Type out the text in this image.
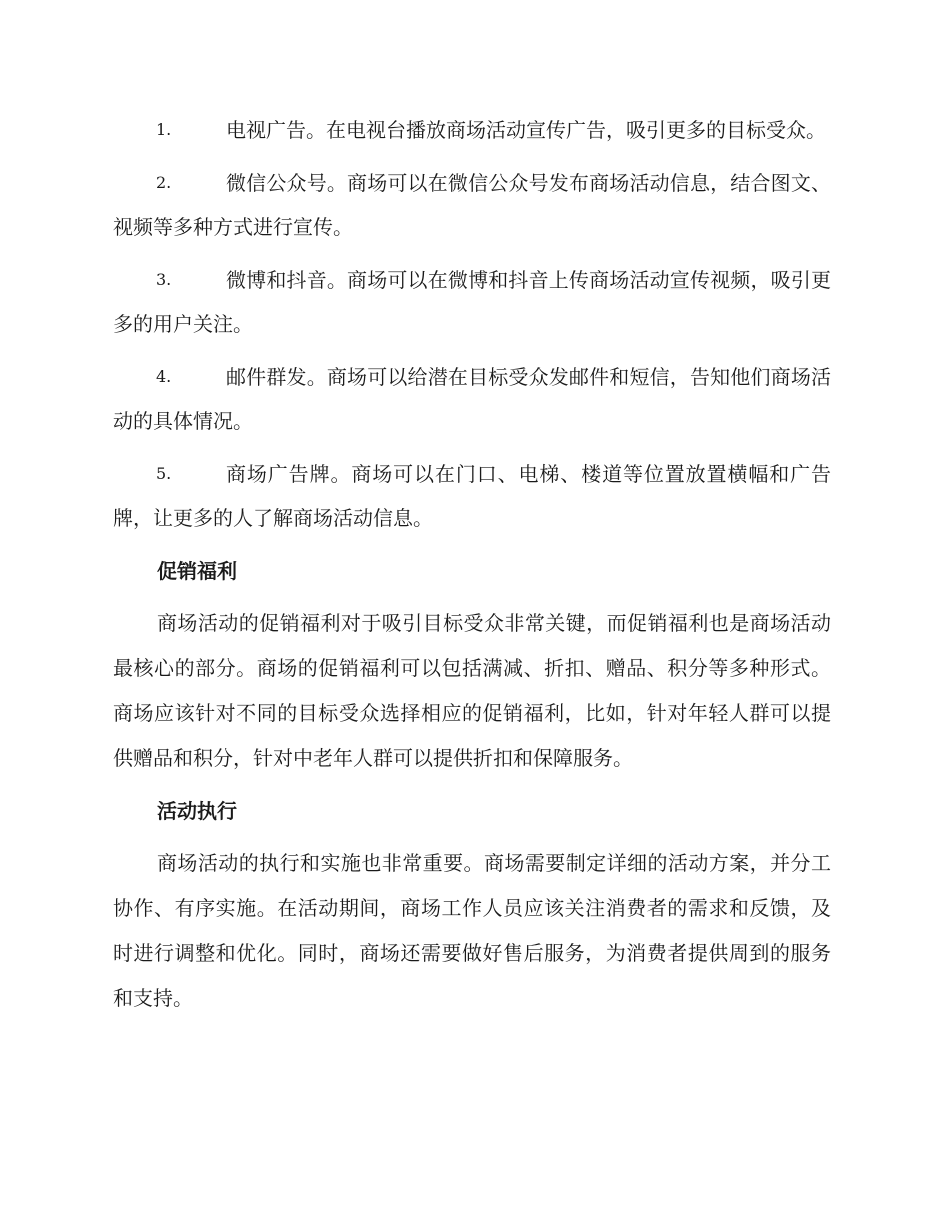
1.	电视广告。在电视台播放商场活动宣传广告，吸引更多的目标受众。
2.	微信公众号。商场可以在微信公众号发布商场活动信息，结合图文、视频等多种方式进行宣传。
3.	微博和抖音。商场可以在微博和抖音上传商场活动宣传视频，吸引更多的用户关注。
4.	邮件群发。商场可以给潜在目标受众发邮件和短信，告知他们商场活动的具体情况。
5.	商场广告牌。商场可以在门口、电梯、楼道等位置放置横幅和广告牌，让更多的人了解商场活动信息。
促销福利
商场活动的促销福利对于吸引目标受众非常关键，而促销福利也是商场活动最核心的部分。商场的促销福利可以包括满减、折扣、赠品、积分等多种形式。商场应该针对不同的目标受众选择相应的促销福利，比如，针对年轻人群可以提供赠品和积分，针对中老年人群可以提供折扣和保障服务。
活动执行
商场活动的执行和实施也非常重要。商场需要制定详细的活动方案，并分工协作、有序实施。在活动期间，商场工作人员应该关注消费者的需求和反馈，及时进行调整和优化。同时，商场还需要做好售后服务，为消费者提供周到的服务和支持。
